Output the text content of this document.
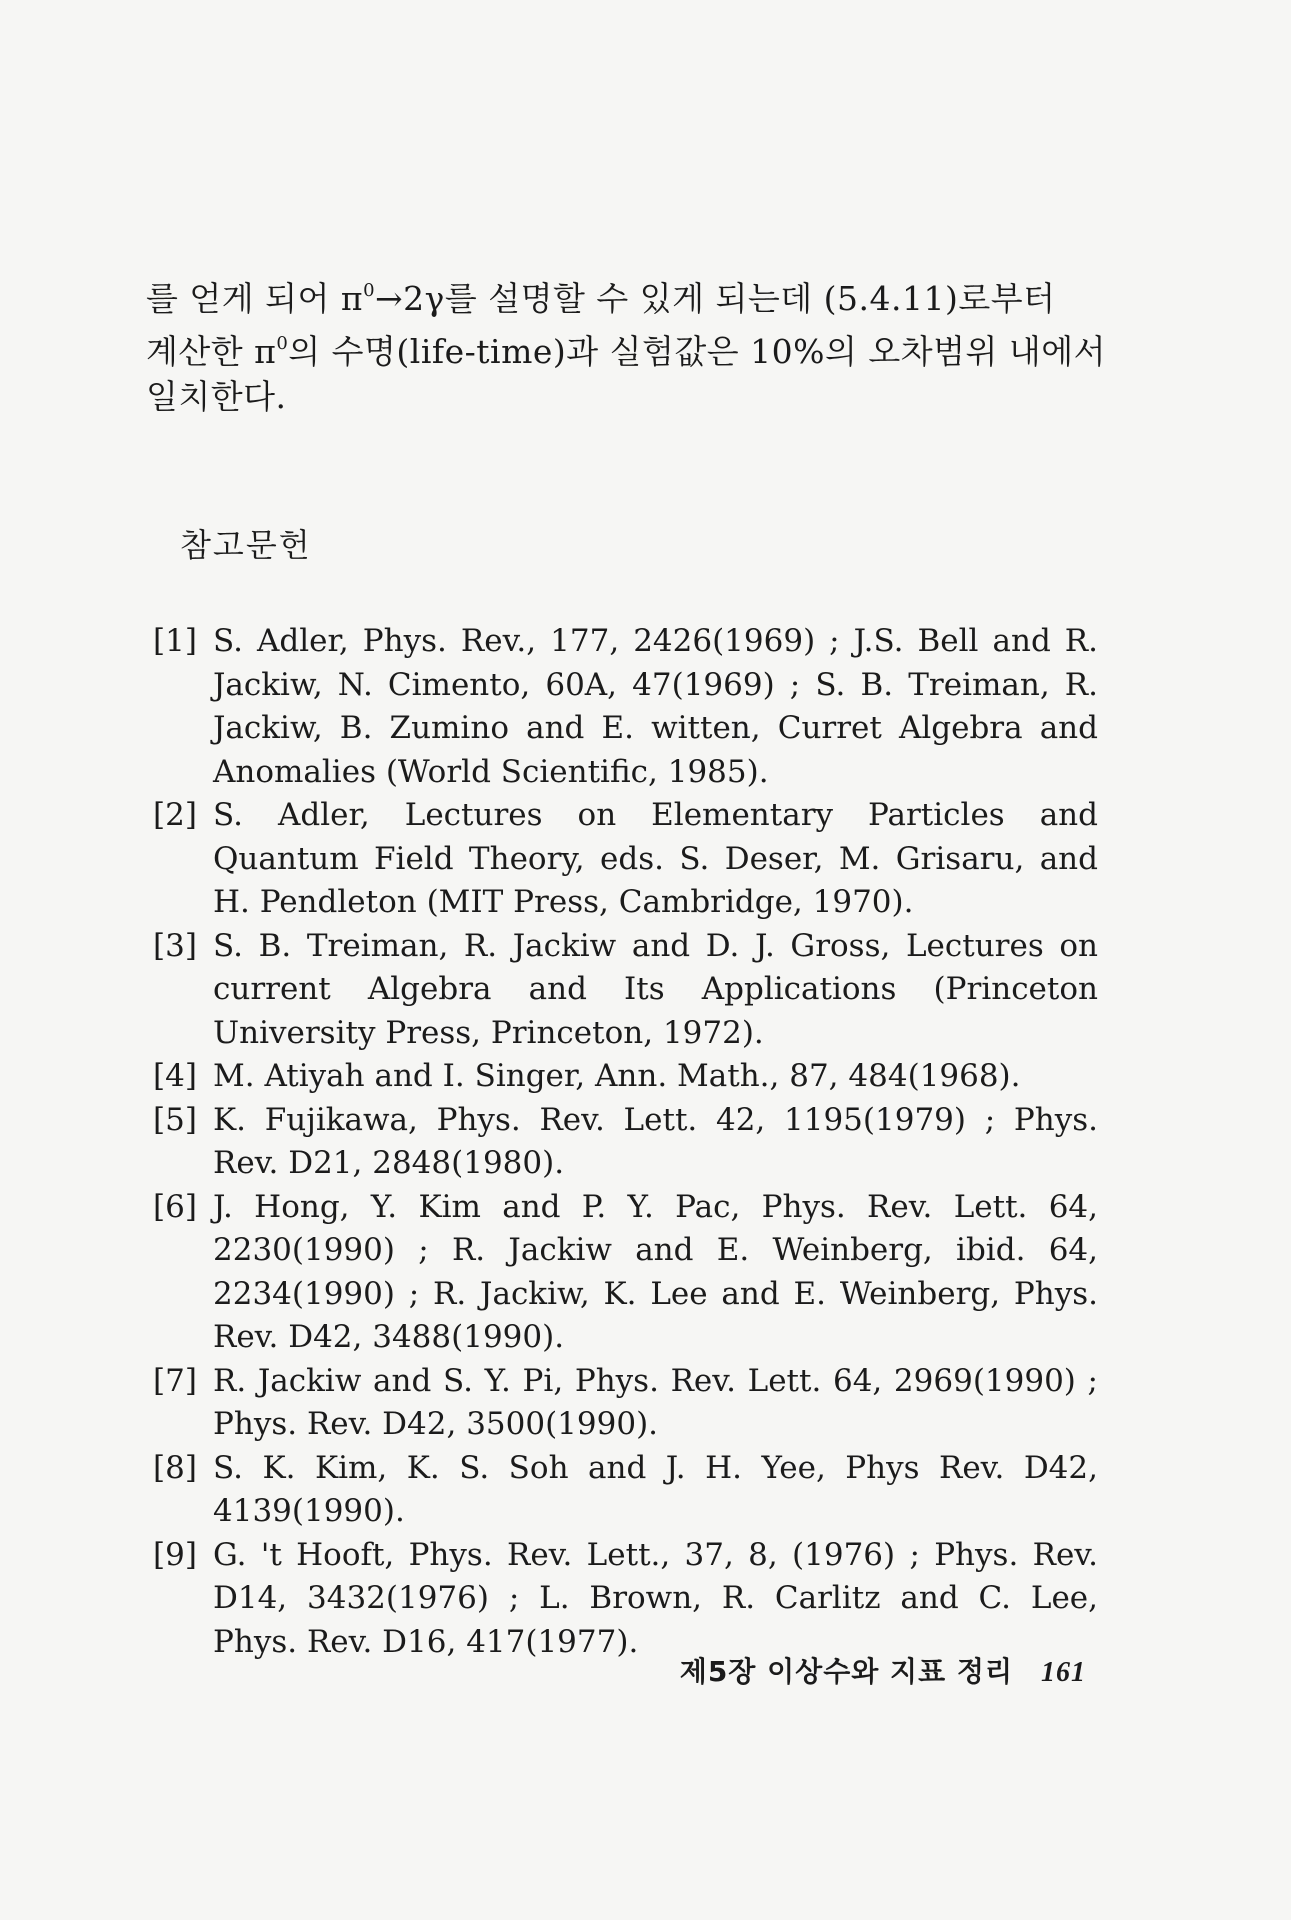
를 얻게 되어 $\pi^0\to 2\gamma$를 설명할 수 있게 되는데 (5.4.11)로부터
계산한 $\pi^0$의 수명(life-time)과 실험값은 10%의 오차범위 내에서
일치한다.
참고문헌

[1] S. Adler, Phys. Rev., 177, 2426(1969) ; J.S. Bell and R. Jackiw, N. Cimento, 60A, 47(1969) ; S. B. Treiman, R. Jackiw, B. Zumino and E. witten, Curret Algebra and Anomalies (World Scientific, 1985).

[2] S. Adler, Lectures on Elementary Particles and Quantum Field Theory, eds. S. Deser, M. Grisaru, and H. Pendleton (MIT Press, Cambridge, 1970).

[3] S. B. Treiman, R. Jackiw and D. J. Gross, Lectures on current Algebra and Its Applications (Princeton University Press, Princeton, 1972).

[4] M. Atiyah and I. Singer, Ann. Math., 87, 484(1968).

[5] K. Fujikawa, Phys. Rev. Lett. 42, 1195(1979) ; Phys. Rev. D21, 2848(1980).

[6] J. Hong, Y. Kim and P. Y. Pac, Phys. Rev. Lett. 64, 2230(1990) ; R. Jackiw and E. Weinberg, ibid. 64, 2234(1990) ; R. Jackiw, K. Lee and E. Weinberg, Phys. Rev. D42, 3488(1990).

[7] R. Jackiw and S. Y. Pi, Phys. Rev. Lett. 64, 2969(1990) ; Phys. Rev. D42, 3500(1990).

[8] S. K. Kim, K. S. Soh and J. H. Yee, Phys Rev. D42, 4139(1990).

[9] G. 't Hooft, Phys. Rev. Lett., 37, 8, (1976) ; Phys. Rev. D14, 3432(1976) ; L. Brown, R. Carlitz and C. Lee, Phys. Rev. D16, 417(1977).

제5장 이상수와 지표 정리 161
